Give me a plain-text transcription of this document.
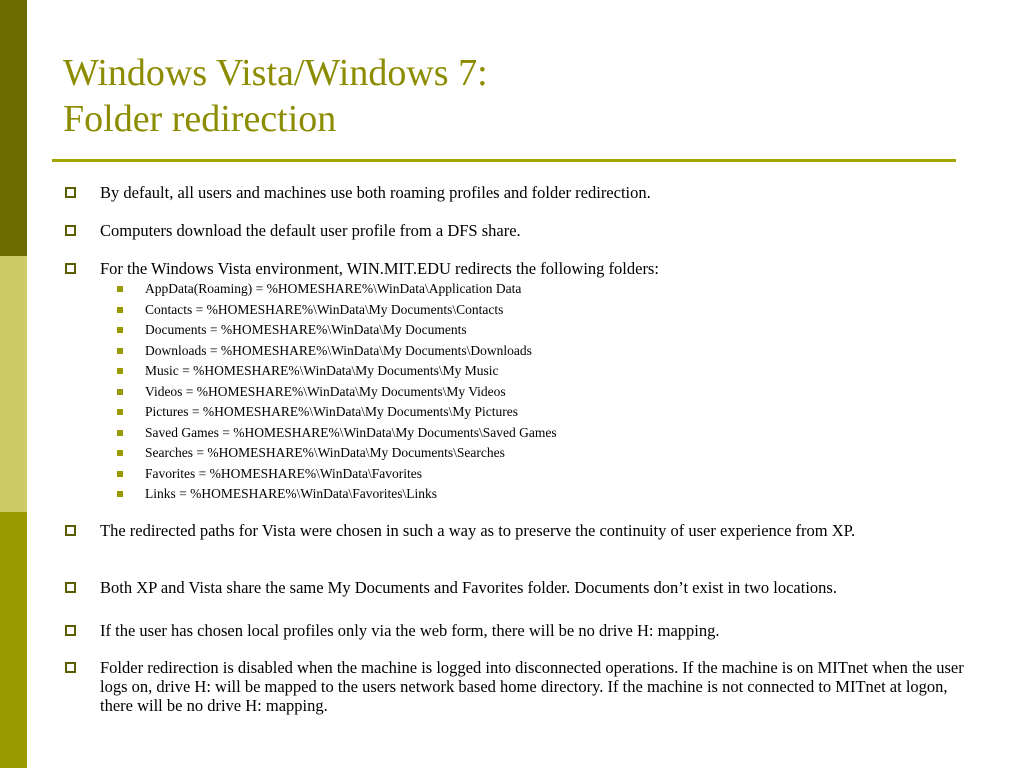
Windows Vista/Windows 7:
Folder redirection
By default, all users and machines use both roaming profiles and folder redirection.
Computers download the default user profile from a DFS share.
For the Windows Vista environment, WIN.MIT.EDU redirects the following folders:
AppData(Roaming) = %HOMESHARE%\WinData\Application Data
Contacts = %HOMESHARE%\WinData\My Documents\Contacts
Documents = %HOMESHARE%\WinData\My Documents
Downloads = %HOMESHARE%\WinData\My Documents\Downloads
Music = %HOMESHARE%\WinData\My Documents\My Music
Videos = %HOMESHARE%\WinData\My Documents\My Videos
Pictures = %HOMESHARE%\WinData\My Documents\My Pictures
Saved Games = %HOMESHARE%\WinData\My Documents\Saved Games
Searches = %HOMESHARE%\WinData\My Documents\Searches
Favorites = %HOMESHARE%\WinData\Favorites
Links = %HOMESHARE%\WinData\Favorites\Links
The redirected paths for Vista were chosen in such a way as to preserve the continuity of user experience from XP.
Both XP and Vista share the same My Documents and Favorites folder. Documents don’t exist in two locations.
If the user has chosen local profiles only via the web form, there will be no drive H: mapping.
Folder redirection is disabled when the machine is logged into disconnected operations. If the machine is on MITnet when the user logs on, drive H: will be mapped to the users network based home directory. If the machine is not connected to MITnet at logon, there will be no drive H: mapping.
